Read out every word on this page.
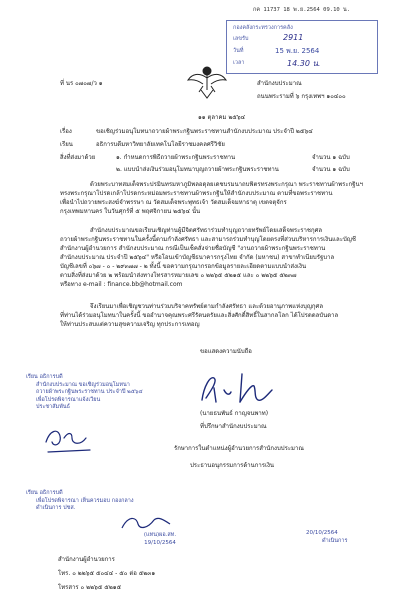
กค 11737 18 พ.ย.2564 09.10 น.
กองคลังกระทรวงการคลัง
เลขรับ	2911
วันที่	15 พ.ย. 2564
เวลา	14.30 น.
ที่ นร ๐๗๐๗/ว ๑	สำนักงบประมาณ
ถนนพระรามที่ ๖ กรุงเทพฯ ๑๐๔๐๐
๑๑ ตุลาคม ๒๕๖๔
เรื่อง	ขอเชิญร่วมอนุโมทนาถวายผ้าพระกฐินพระราชทานสำนักงบประมาณ ประจำปี ๒๕๖๔
เรียน	อธิการบดีมหาวิทยาลัยเทคโนโลยีราชมงคลศรีวิชัย
สิ่งที่ส่งมาด้วย	๑. กำหนดการพิธีถวายผ้าพระกฐินพระราชทาน	จำนวน ๑ ฉบับ
๒. แบบนำส่งเงินร่วมอนุโมทนาบุญถวายผ้าพระกฐินพระราชทาน	จำนวน ๑ ฉบับ
ด้วยพระบาทสมเด็จพระปรมินทรมหาภูมิพลอดุลยเดชบรมนาถบพิตรทรงพระกรุณา พระราชทานผ้าพระกฐินฯ
ทรงพระกรุณาโปรดเกล้าโปรดกระหม่อมพระราชทานผ้าพระกฐินให้สำนักงบประมาณ ตามที่ขอพระราชทาน
เพื่อนำไปถวายพระสงฆ์จำพรรษา ณ วัดสมเด็จพระพุทธเจ้า วัดสมเด็จมหาธาตุ เขตจตุจักร
กรุงเทพมหานคร ในวันศุกร์ที่ ๕ พฤศจิกายน ๒๕๖๔ นั้น
สำนักงบประมาณขอเรียนเชิญท่านผู้มีจิตศรัทธาร่วมทำบุญถวายทรัพย์โดยเสด็จพระราชกุศล
ถวายผ้าพระกฐินพระราชทานในครั้งนี้ตามกำลังศรัทธา และสามารถร่วมทำบุญโดยตรงที่ส่วนบริหารการเงินและบัญชี
สำนักงานผู้อำนวยการ สำนักงบประมาณ กรณีเป็นเช็คสั่งจ่ายชื่อบัญชี "งานถวายผ้าพระกฐินพระราชทาน
สำนักงบประมาณ ประจำปี ๒๕๖๔" หรือโอนเข้าบัญชีธนาคารกรุงไทย จำกัด (มหาชน) สาขาทำเนียบรัฐบาล
บัญชีเลขที่ ๐๖๗ - ๐ - ๒๙๓๗๗ - ๒ ทั้งนี้ ขอความกรุณากรอกข้อมูลรายละเอียดตามแบบนำส่งเงิน
ตามสิ่งที่ส่งมาด้วย ๒ พร้อมนำส่งทางโทรสารหมายเลข ๐ ๒๒๖๕ ๕๒๑๕ และ ๐ ๒๒๖๕ ๕๒๓๗
หรือทาง e-mail : finance.bb@hotmail.com
จึงเรียนมาเพื่อเชิญชวนท่านร่วมบริจาคทรัพย์ตามกำลังศรัทธา และด้วยอานุภาพแห่งบุญกุศล
ที่ท่านได้ร่วมอนุโมทนาในครั้งนี้ ขออำนาจคุณพระศรีรัตนตรัยและสิ่งศักดิ์สิทธิ์ในสากลโลก ได้โปรดดลบันดาล
ให้ท่านประสบแต่ความสุขความเจริญ ทุกประการเทอญ
ขอแสดงความนับถือ
(นายธนพันธ์ กาญจนพาท)
ที่ปรึกษาสำนักงบประมาณ
รักษาการในตำแหน่งผู้อำนวยการสำนักงบประมาณ
ประธานอนุกรรมการด้านการเงิน
เรียน อธิการบดี
สำนักงบประมาณ ขอเชิญร่วมอนุโมทนา
ถวายผ้าพระกฐินพระราชทาน ประจำปี ๒๕๖๔
เพื่อโปรดพิจารณาแจ้งเวียน
ประชาสัมพันธ์
เรียน อธิการบดี
เพื่อโปรดพิจารณา เห็นควรมอบ กองกลาง
ดำเนินการ ปชส.
(แทน)ผอ.สท.
19/10/2564
20/10/2564
ดำเนินการ
สำนักงานผู้อำนวยการ
โทร. ๐ ๒๒๖๕ ๕๐๔๔ - ๕๐ ต่อ ๕๒๓๑
โทรสาร ๐ ๒๒๖๕ ๕๒๑๕
